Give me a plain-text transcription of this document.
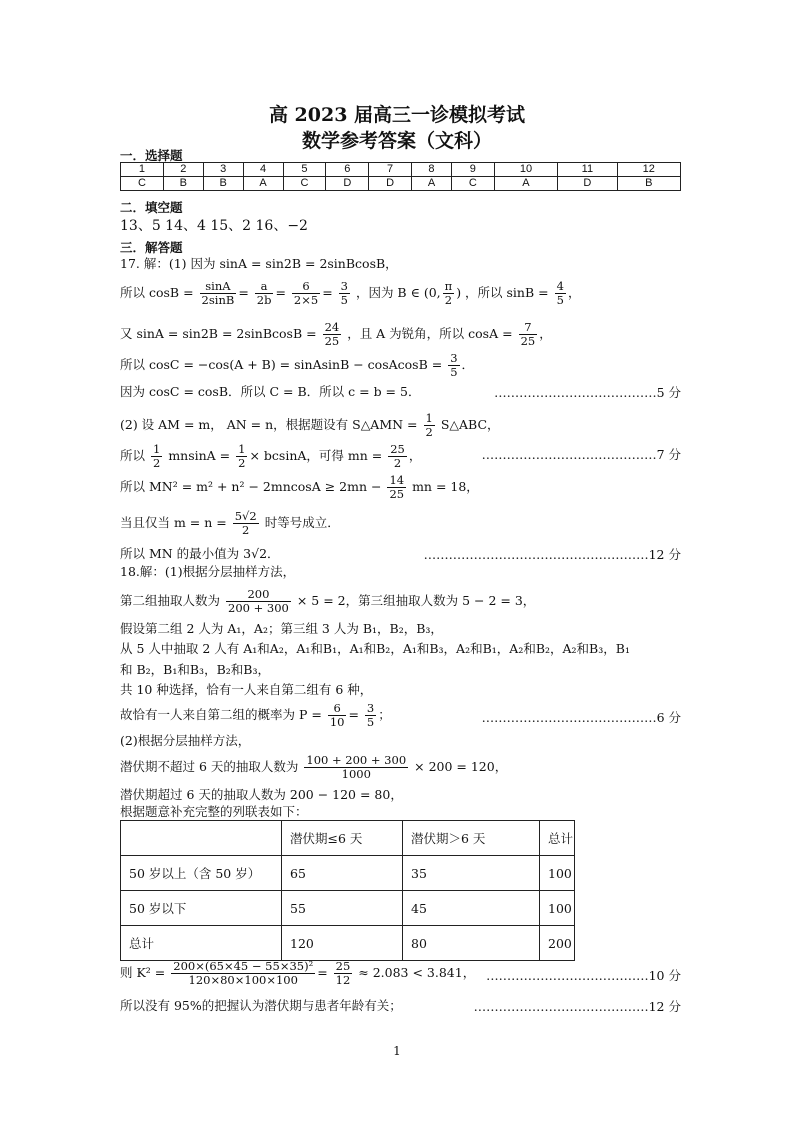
高 2023 届高三一诊模拟考试
数学参考答案（文科）
一．选择题
1	2	3	4	5	6	7	8	9	10	11	12
C	B	B	A	C	D	D	A	C	A	D	B
二．填空题
13、5 14、4 15、2 16、−2
三．解答题
17. 解：(1) 因为 sinA = sin2B = 2sinBcosB，
所以 $\cos B = \frac{\sin A}{2\sin B} = \frac{a}{2b} = \frac{6}{2\times 5} = \frac{3}{5}$ ，因为 B ∈ (0, $\frac{\pi}{2}$ ) ，所以 $\sin B = \frac{4}{5}$ ，
又 sinA = sin2B = 2sinBcosB = $\frac{24}{25}$ ，且 A 为锐角，所以 $\cos A = \frac{7}{25}$ ，
所以 cosC = −cos(A + B) = sinAsinB − cosAcosB = $\frac{3}{5}$ ．
因为 cosC = cosB．所以 C = B．所以 c = b = 5．	…………………………………5 分
(2) 设 AM = m， AN = n，根据题设有 S△AMN = $\frac{1}{2}$ S△ABC，
所以 $\frac{1}{2}$ $mnsinA = \frac{1}{2} \times bcsinA$，可得 mn = $\frac{25}{2}$ ，	……………………………………7 分
所以 $MN^2 = m^2 + n^2 - 2mncosA \ge 2mn - \frac{14}{25}$ mn = 18，
当且仅当 $m = n = \frac{5√2}{2}$ 时等号成立．
所以 MN 的最小值为 3√2．	………………………………………………12 分
18.解：(1)根据分层抽样方法，
第二组抽取人数为 $\frac{200}{200 + 300} \times 5 = 2$，第三组抽取人数为 5 − 2 = 3，
假设第二组 2 人为 A₁，A₂；第三组 3 人为 B₁，B₂，B₃，
从 5 人中抽取 2 人有 A₁和A₂，A₁和B₁，A₁和B₂，A₁和B₃，A₂和B₁，A₂和B₂，A₂和B₃，B₁
和 B₂，B₁和B₃，B₂和B₃，
共 10 种选择，恰有一人来自第二组有 6 种，
故恰有一人来自第二组的概率为 $P = \frac{6}{10} = \frac{3}{5}$ ；	……………………………………6 分
(2)根据分层抽样方法，
潜伏期不超过 6 天的抽取人数为 $\frac{100 + 200 + 300}{1000} \times 200 = 120$，
潜伏期超过 6 天的抽取人数为 200 − 120 = 80，
根据题意补充完整的列联表如下：
	潜伏期≤6 天	潜伏期＞6 天	总计
50 岁以上（含 50 岁）	65	35	100
50 岁以下	55	45	100
总计	120	80	200
则 $K^2 = \frac{\text{200×(65×45 − 55×35)²}}{120\times 80\times 100\times 100} = \frac{25}{12} \approx 2.083 < 3.841$， …………………………………10 分
所以没有 95%的把握认为潜伏期与患者年龄有关；	……………………………………12 分
1
